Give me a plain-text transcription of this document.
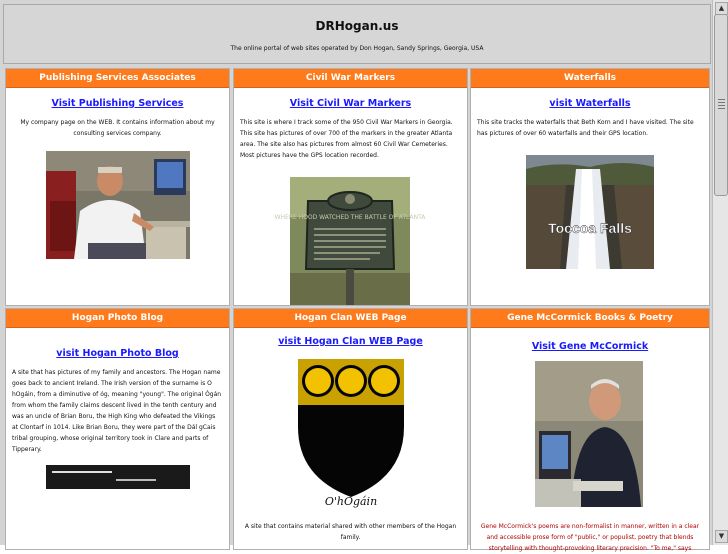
DRHogan.us
The online portal of web sites operated by Don Hogan, Sandy Springs, Georgia, USA
Publishing Services Associates
Visit Publishing Services
My company page on the WEB. It contains information about my consulting services company.
Civil War Markers
Visit Civil War Markers
This site is where I track some of the 950 Civil War Markers in Georgia. This site has pictures of over 700 of the markers in the greater Atlanta area. The site also has pictures from almost 60 Civil War Cemeteries. Most pictures have the GPS location recorded.
WHERE HOOD WATCHED THE BATTLE OF ATLANTA
Waterfalls
visit Waterfalls
This site tracks the waterfalls that Beth Korn and I have visited. The site has pictures of over 60 waterfalls and their GPS location.
Toccoa Falls
Hogan Photo Blog
visit Hogan Photo Blog
A site that has pictures of my family and ancestors. The Hogan name goes back to ancient Ireland. The Irish version of the surname is O hOgáin, from a diminutive of óg, meaning "young". The original Ógán from whom the family claims descent lived in the tenth century and was an uncle of Brian Boru, the High King who defeated the Vikings at Clontarf in 1014. Like Brian Boru, they were part of the Dál gCais tribal grouping, whose original territory took in Clare and parts of Tipperary.
Hogan Clan WEB Page
visit Hogan Clan WEB Page
O'hÓgáin
A site that contains material shared with other members of the Hogan family.
Gene McCormick Books & Poetry
Visit Gene McCormick
Gene McCormick's poems are non-formalist in manner, written in a clear and accessible prose form of "public," or populist, poetry that blends storytelling with thought-provoking literary precision. "To me," says
▲
▼
